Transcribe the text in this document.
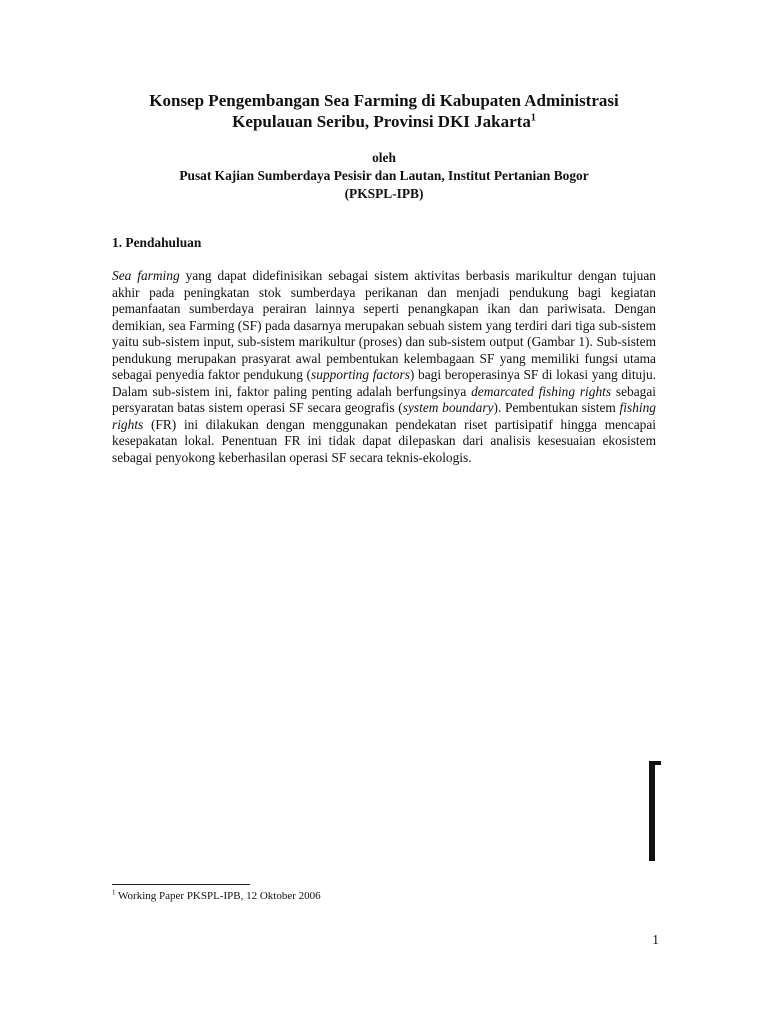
Konsep Pengembangan Sea Farming di Kabupaten Administrasi
Kepulauan Seribu, Provinsi DKI Jakarta$^1$
oleh
Pusat Kajian Sumberdaya Pesisir dan Lautan, Institut Pertanian Bogor
(PKSPL-IPB)
1. Pendahuluan

Sea farming yang dapat didefinisikan sebagai sistem aktivitas berbasis marikultur dengan tujuan akhir pada peningkatan stok sumberdaya perikanan dan menjadi pendukung bagi kegiatan pemanfaatan sumberdaya perairan lainnya seperti penangkapan ikan dan pariwisata. Dengan demikian, sea Farming (SF) pada dasarnya merupakan sebuah sistem yang terdiri dari tiga sub-sistem yaitu sub-sistem input, sub-sistem marikultur (proses) dan sub-sistem output (Gambar 1). Sub-sistem pendukung merupakan prasyarat awal pembentukan kelembagaan SF yang memiliki fungsi utama sebagai penyedia faktor pendukung (supporting factors) bagi beroperasinya SF di lokasi yang dituju. Dalam sub-sistem ini, faktor paling penting adalah berfungsinya demarcated fishing rights sebagai persyaratan batas sistem operasi SF secara geografis (system boundary). Pembentukan sistem fishing rights (FR) ini dilakukan dengan menggunakan pendekatan riset partisipatif hingga mencapai kesepakatan lokal. Penentuan FR ini tidak dapat dilepaskan dari analisis kesesuaian ekosistem sebagai penyokong keberhasilan operasi SF secara teknis-ekologis.

$^1$ Working Paper PKSPL-IPB, 12 Oktober 2006
1
